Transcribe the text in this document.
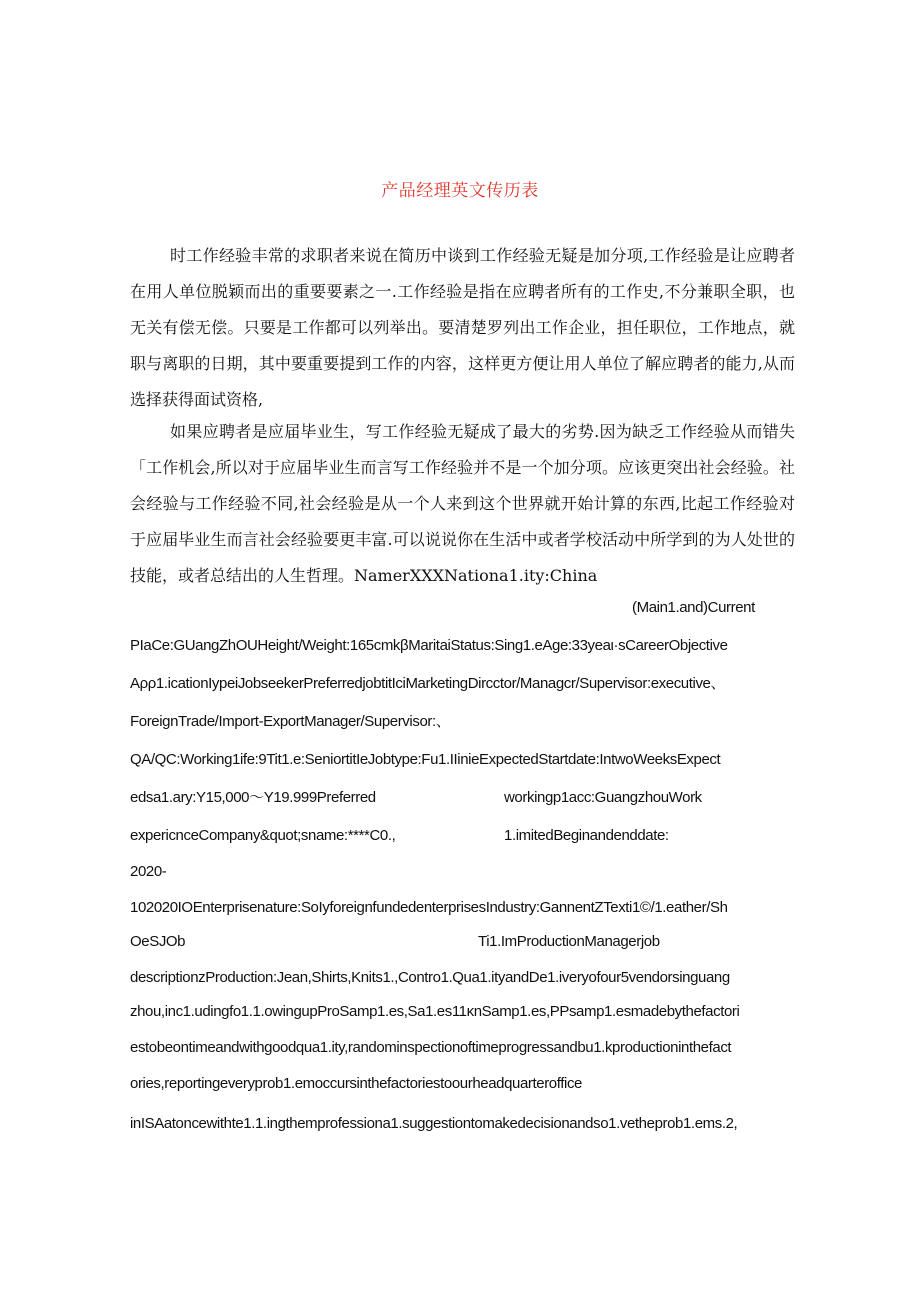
产品经理英文传历表
时工作经验丰常的求职者来说在简历中谈到工作经验无疑是加分项,工作经验是让应聘者在用人单位脱颖而出的重要要素之一.工作经验是指在应聘者所有的工作史,不分兼职全职，也无关有偿无偿。只要是工作都可以列举出。要清楚罗列出工作企业，担任职位，工作地点，就职与离职的日期，其中要重要提到工作的内容，这样更方便让用人单位了解应聘者的能力,从而选择获得面试资格,
如果应聘者是应届毕业生，写工作经验无疑成了最大的劣势.因为缺乏工作经验从而错失「工作机会,所以对于应届毕业生而言写工作经验并不是一个加分项。应该更突出社会经验。社会经验与工作经验不同,社会经验是从一个人来到这个世界就开始计算的东西,比起工作经验对于应届毕业生而言社会经验要更丰富.可以说说你在生活中或者学校活动中所学到的为人处世的技能，或者总结出的人生哲理。NamerXXXNationa1.ity:China
(Main1.and)Current
PIaCe:GUangZhOUHeight/Weight:165cmkβMaritaiStatus:Sing1.eAge:33yeaι·sCareerObjective
Aρρ1.icationIypeiJobseekerPreferredjobtitIciMarketingDircctor/Managcr/Supervisor:executive、
ForeignTrade/Import-ExportManager/Supervisor:、
QA/QC:Working1ife:9Tit1.e:SeniortitIeJobtype:Fu1.IIinieExpectedStartdate:IntwoWeeksExpect
edsa1.ary:Y15,000～Y19.999Preferred	workingp1acc:GuangzhouWork
expericnceCompany&quot;sname:****C0.,	1.imitedBeginandenddate:
2020-
102020IOEnterprisenature:SoIyforeignfundedenterprisesIndustry:GannentZTexti1©/1.eather/Sh
OeSJOb	Ti1.ImProductionManagerjob
descriptionzProduction:Jean,Shirts,Knits1.,Contro1.Qua1.ityandDe1.iveryofour5vendorsinguang
zhou,inc1.udingfo1.1.owingupProSamp1.es,Sa1.es11κnSamp1.es,PPsamp1.esmadebythefactori
estobeontimeandwithgoodqua1.ity,randominspectionoftimeprogressandbu1.kproductioninthefact
ories,reportingeveryprob1.emoccursinthefactoriestoourheadquarteroffice
inISAatoncewithte1.1.ingthemprofessiona1.suggestiontomakedecisionandso1.vetheprob1.ems.2,
